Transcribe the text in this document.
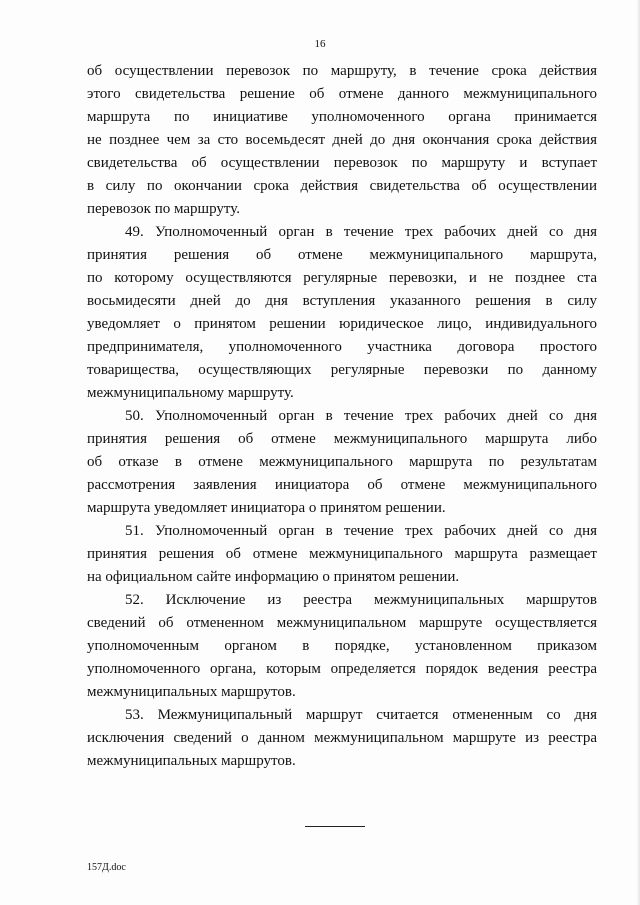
16

об осуществлении перевозок по маршруту, в течение срока действия
этого свидетельства решение об отмене данного межмуниципального
маршрута по инициативе уполномоченного органа принимается
не позднее чем за сто восемьдесят дней до дня окончания срока действия
свидетельства об осуществлении перевозок по маршруту и вступает
в силу по окончании срока действия свидетельства об осуществлении
перевозок по маршруту.

49. Уполномоченный орган в течение трех рабочих дней со дня
принятия решения об отмене межмуниципального маршрута,
по которому осуществляются регулярные перевозки, и не позднее ста
восьмидесяти дней до дня вступления указанного решения в силу
уведомляет о принятом решении юридическое лицо, индивидуального
предпринимателя, уполномоченного участника договора простого
товарищества, осуществляющих регулярные перевозки по данному
межмуниципальному маршруту.

50. Уполномоченный орган в течение трех рабочих дней со дня
принятия решения об отмене межмуниципального маршрута либо
об отказе в отмене межмуниципального маршрута по результатам
рассмотрения заявления инициатора об отмене межмуниципального
маршрута уведомляет инициатора о принятом решении.

51. Уполномоченный орган в течение трех рабочих дней со дня
принятия решения об отмене межмуниципального маршрута размещает
на официальном сайте информацию о принятом решении.

52. Исключение из реестра межмуниципальных маршрутов
сведений об отмененном межмуниципальном маршруте осуществляется
уполномоченным органом в порядке, установленном приказом
уполномоченного органа, которым определяется порядок ведения реестра
межмуниципальных маршрутов.

53. Межмуниципальный маршрут считается отмененным со дня
исключения сведений о данном межмуниципальном маршруте из реестра
межмуниципальных маршрутов.

157Д.doc
